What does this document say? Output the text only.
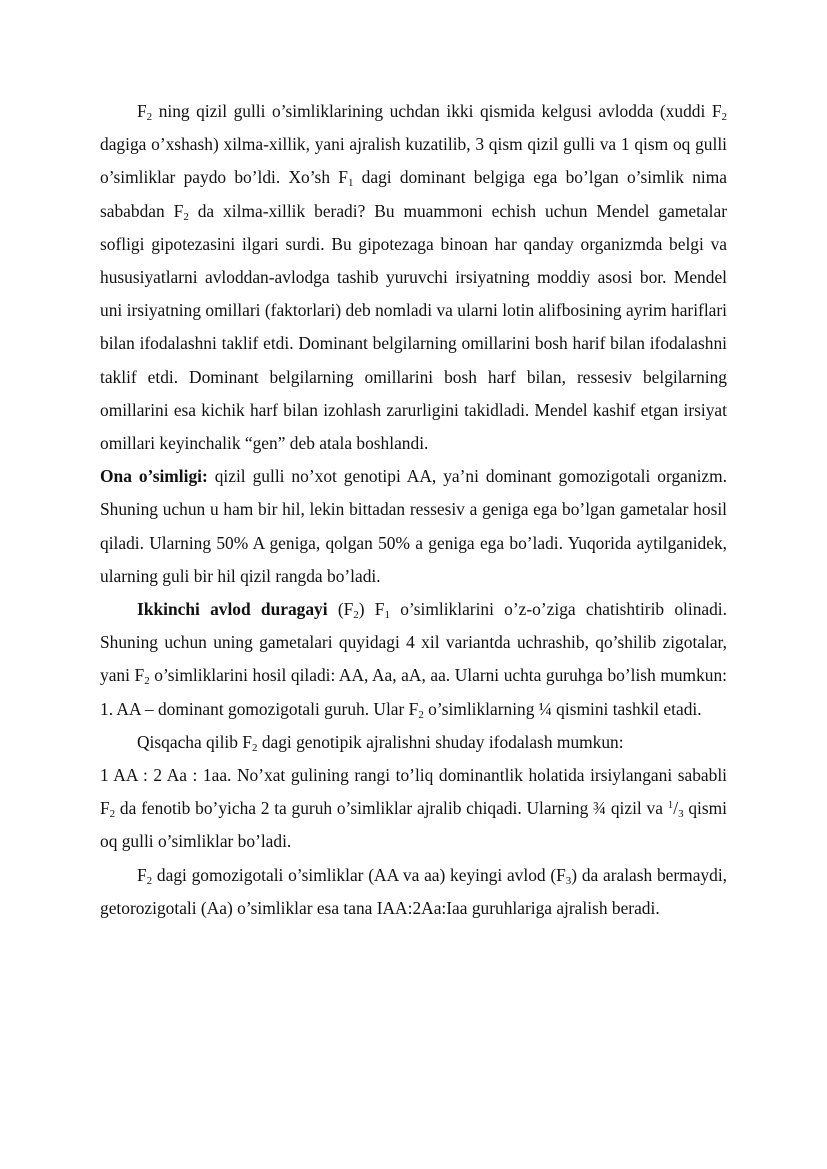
$F_2$ ning qizil gulli o’simliklarining uchdan ikki qismida kelgusi avlodda (xuddi $F_2$ dagiga o’xshash) xilma-xillik, yani ajralish kuzatilib, 3 qism qizil gulli va 1 qism oq gulli o’simliklar paydo bo’ldi. Xo’sh $F_1$ dagi dominant belgiga ega bo’lgan o’simlik nima sababdan $F_2$ da xilma-xillik beradi? Bu muammoni echish uchun Mendel gametalar sofligi gipotezasini ilgari surdi. Bu gipotezaga binoan har qanday organizmda belgi va hususiyatlarni avloddan-avlodga tashib yuruvchi irsiyatning moddiy asosi bor. Mendel uni irsiyatning omillari (faktorlari) deb nomladi va ularni lotin alifbosining ayrim hariflari bilan ifodalashni taklif etdi. Dominant belgilarning omillarini bosh harif bilan ifodalashni taklif etdi. Dominant belgilarning omillarini bosh harf bilan, ressesiv belgilarning omillarini esa kichik harf bilan izohlash zarurligini takidladi. Mendel kashif etgan irsiyat omillari keyinchalik “gen” deb atala boshlandi.

Ona o’simligi: qizil gulli no’xot genotipi AA, ya’ni dominant gomozigotali organizm. Shuning uchun u ham bir hil, lekin bittadan ressesiv a geniga ega bo’lgan gametalar hosil qiladi. Ularning 50% A geniga, qolgan 50% a geniga ega bo’ladi. Yuqorida aytilganidek, ularning guli bir hil qizil rangda bo’ladi.

Ikkinchi avlod duragayi $(F_2)$ $F_1$ o’simliklarini o’z-o’ziga chatishtirib olinadi. Shuning uchun uning gametalari quyidagi 4 xil variantda uchrashib, qo’shilib zigotalar, yani $F_2$ o’simliklarini hosil qiladi: AA, Aa, aA, aa. Ularni uchta guruhga bo’lish mumkun: 1. AA – dominant gomozigotali guruh. Ular $F_2$ o’simliklarning ¼ qismini tashkil etadi.

Qisqacha qilib $F_2$ dagi genotipik ajralishni shuday ifodalash mumkun:

1 AA : 2 Aa : 1aa. No’xat gulining rangi to’liq dominantlik holatida irsiylangani sababli $F_2$ da fenotib bo’yicha 2 ta guruh o’simliklar ajralib chiqadi. Ularning ¾ qizil va $^1/_3$ qismi oq gulli o’simliklar bo’ladi.

$F_2$ dagi gomozigotali o’simliklar (AA va aa) keyingi avlod $(F_3)$ da aralash bermaydi, getorozigotali (Aa) o’simliklar esa tana IAA:2Aa:Iaa guruhlariga ajralish beradi.
